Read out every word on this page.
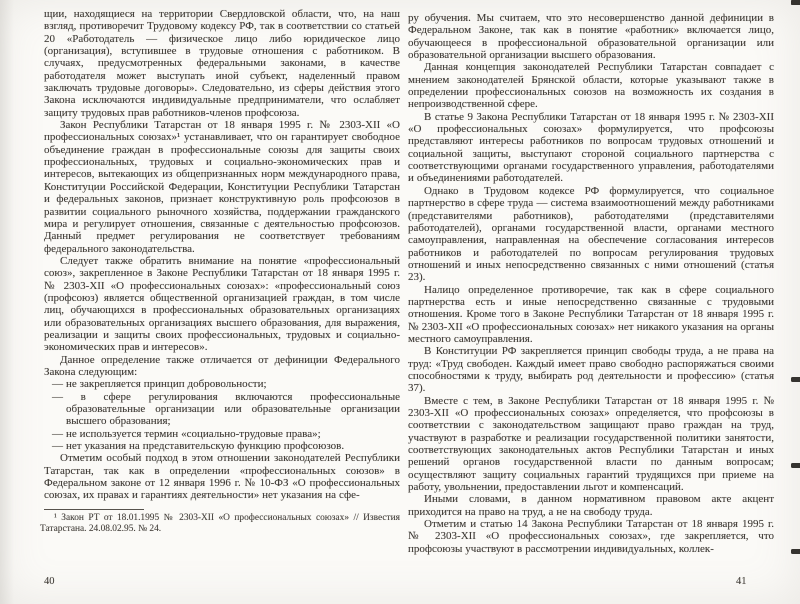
щии, находящиеся на территории Свердловской области, что, на наш взгляд, противоречит Трудовому кодексу РФ, так в соответствии со статьей 20 «Работодатель — физическое лицо либо юридическое лицо (организация), вступившее в трудовые отношения с работником. В случаях, предусмотренных федеральными законами, в качестве работодателя может выступать иной субъект, наделенный правом заключать трудовые договоры». Следовательно, из сферы действия этого Закона исключаются индивидуальные предприниматели, что ослабляет защиту трудовых прав работников-членов профсоюза.

Закон Республики Татарстан от 18 января 1995 г. № 2303-XII «О профессиональных союзах»¹ устанавливает, что он гарантирует свободное объединение граждан в профессиональные союзы для защиты своих профессиональных, трудовых и социально-экономических прав и интересов, вытекающих из общепризнанных норм международного права, Конституции Российской Федерации, Конституции Республики Татарстан и федеральных законов, признает конструктивную роль профсоюзов в развитии социального рыночного хозяйства, поддержании гражданского мира и регулирует отношения, связанные с деятельностью профсоюзов. Данный предмет регулирования не соответствует требованиям федерального законодательства.

Следует также обратить внимание на понятие «профессиональный союз», закрепленное в Законе Республики Татарстан от 18 января 1995 г. № 2303-XII «О профессиональных союзах»: «профессиональный союз (профсоюз) является общественной организацией граждан, в том числе лиц, обучающихся в профессиональных образовательных организациях или образовательных организациях высшего образования, для выражения, реализации и защиты своих профессиональных, трудовых и социально-экономических прав и интересов».

Данное определение также отличается от дефиниции Федерального Закона следующим:

— не закрепляется принцип добровольности;

— в сфере регулирования включаются профессиональные образовательные организации или образовательные организации высшего образования;

— не используется термин «социально-трудовые права»;

— нет указания на представительскую функцию профсоюзов.

Отметим особый подход в этом отношении законодателей Республики Татарстан, так как в определении «профессиональных союзов» в Федеральном законе от 12 января 1996 г. № 10-ФЗ «О профессиональных союзах, их правах и гарантиях деятельности» нет указания на сфе-

¹ Закон РТ от 18.01.1995 № 2303-XII «О профессиональных союзах» // Известия Татарстана. 24.08.02.95. № 24.

ру обучения. Мы считаем, что это несовершенство данной дефиниции в Федеральном Законе, так как в понятие «работник» включается лицо, обучающееся в профессиональной образовательной организации или образовательной организации высшего образования.

Данная концепция законодателей Республики Татарстан совпадает с мнением законодателей Брянской области, которые указывают также в определении профессиональных союзов на возможность их создания в непроизводственной сфере.

В статье 9 Закона Республики Татарстан от 18 января 1995 г. № 2303-XII «О профессиональных союзах» формулируется, что профсоюзы представляют интересы работников по вопросам трудовых отношений и социальной защиты, выступают стороной социального партнерства с соответствующими органами государственного управления, работодателями и объединениями работодателей.

Однако в Трудовом кодексе РФ формулируется, что социальное партнерство в сфере труда — система взаимоотношений между работниками (представителями работников), работодателями (представителями работодателей), органами государственной власти, органами местного самоуправления, направленная на обеспечение согласования интересов работников и работодателей по вопросам регулирования трудовых отношений и иных непосредственно связанных с ними отношений (статья 23).

Налицо определенное противоречие, так как в сфере социального партнерства есть и иные непосредственно связанные с трудовыми отношения. Кроме того в Законе Республики Татарстан от 18 января 1995 г. № 2303-XII «О профессиональных союзах» нет никакого указания на органы местного самоуправления.

В Конституции РФ закрепляется принцип свободы труда, а не права на труд: «Труд свободен. Каждый имеет право свободно распоряжаться своими способностями к труду, выбирать род деятельности и профессию» (статья 37).

Вместе с тем, в Законе Республики Татарстан от 18 января 1995 г. № 2303-XII «О профессиональных союзах» определяется, что профсоюзы в соответствии с законодательством защищают право граждан на труд, участвуют в разработке и реализации государственной политики занятости, соответствующих законодательных актов Республики Татарстан и иных решений органов государственной власти по данным вопросам; осуществляют защиту социальных гарантий трудящихся при приеме на работу, увольнении, предоставлении льгот и компенсаций.

Иными словами, в данном нормативном правовом акте акцент приходится на право на труд, а не на свободу труда.

Отметим и статью 14 Закона Республики Татарстан от 18 января 1995 г. № 2303-XII «О профессиональных союзах», где закрепляется, что профсоюзы участвуют в рассмотрении индивидуальных, коллек-

40	41
